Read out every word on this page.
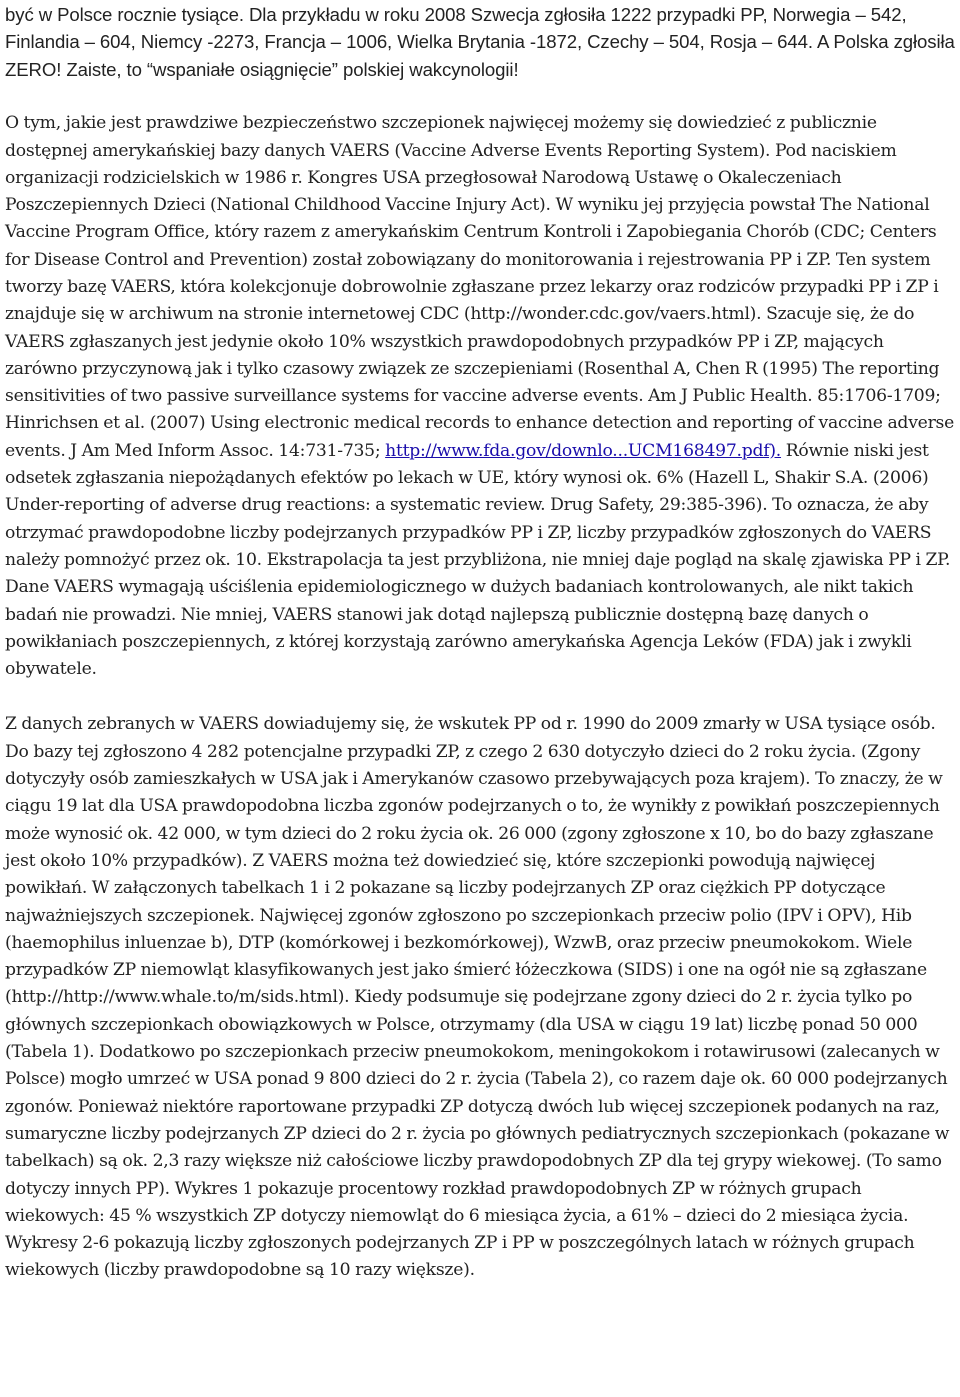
być w Polsce rocznie tysiące. Dla przykładu w roku 2008 Szwecja zgłosiła 1222 przypadki PP, Norwegia – 542, Finlandia – 604, Niemcy -2273, Francja – 1006, Wielka Brytania -1872, Czechy – 504, Rosja – 644. A Polska zgłosiła ZERO! Zaiste, to “wspaniałe osiągnięcie” polskiej wakcynologii!

O tym, jakie jest prawdziwe bezpieczeństwo szczepionek najwięcej możemy się dowiedzieć z publicznie dostępnej amerykańskiej bazy danych VAERS (Vaccine Adverse Events Reporting System). Pod naciskiem organizacji rodzicielskich w 1986 r. Kongres USA przegłosował Narodową Ustawę o Okaleczeniach Poszczepiennych Dzieci (National Childhood Vaccine Injury Act). W wyniku jej przyjęcia powstał The National Vaccine Program Office, który razem z amerykańskim Centrum Kontroli i Zapobiegania Chorób (CDC; Centers for Disease Control and Prevention) został zobowiązany do monitorowania i rejestrowania PP i ZP. Ten system tworzy bazę VAERS, która kolekcjonuje dobrowolnie zgłaszane przez lekarzy oraz rodziców przypadki PP i ZP i znajduje się w archiwum na stronie internetowej CDC (http://wonder.cdc.gov/vaers.html). Szacuje się, że do VAERS zgłaszanych jest jedynie około 10% wszystkich prawdopodobnych przypadków PP i ZP, mających zarówno przyczynową jak i tylko czasowy związek ze szczepieniami (Rosenthal A, Chen R (1995) The reporting sensitivities of two passive surveillance systems for vaccine adverse events. Am J Public Health. 85:1706-1709; Hinrichsen et al. (2007) Using electronic medical records to enhance detection and reporting of vaccine adverse events. J Am Med Inform Assoc. 14:731-735; http://www.fda.gov/downlo...UCM168497.pdf). Równie niski jest odsetek zgłaszania niepożądanych efektów po lekach w UE, który wynosi ok. 6% (Hazell L, Shakir S.A. (2006) Under-reporting of adverse drug reactions: a systematic review. Drug Safety, 29:385-396). To oznacza, że aby otrzymać prawdopodobne liczby podejrzanych przypadków PP i ZP, liczby przypadków zgłoszonych do VAERS należy pomnożyć przez ok. 10. Ekstrapolacja ta jest przybliżona, nie mniej daje pogląd na skalę zjawiska PP i ZP. Dane VAERS wymagają uściślenia epidemiologicznego w dużych badaniach kontrolowanych, ale nikt takich badań nie prowadzi. Nie mniej, VAERS stanowi jak dotąd najlepszą publicznie dostępną bazę danych o powikłaniach poszczepiennych, z której korzystają zarówno amerykańska Agencja Leków (FDA) jak i zwykli obywatele.

Z danych zebranych w VAERS dowiadujemy się, że wskutek PP od r. 1990 do 2009 zmarły w USA tysiące osób. Do bazy tej zgłoszono 4 282 potencjalne przypadki ZP, z czego 2 630 dotyczyło dzieci do 2 roku życia. (Zgony dotyczyły osób zamieszkałych w USA jak i Amerykanów czasowo przebywających poza krajem). To znaczy, że w ciągu 19 lat dla USA prawdopodobna liczba zgonów podejrzanych o to, że wynikły z powikłań poszczepiennych może wynosić ok. 42 000, w tym dzieci do 2 roku życia ok. 26 000 (zgony zgłoszone x 10, bo do bazy zgłaszane jest około 10% przypadków). Z VAERS można też dowiedzieć się, które szczepionki powodują najwięcej powikłań. W załączonych tabelkach 1 i 2 pokazane są liczby podejrzanych ZP oraz ciężkich PP dotyczące najważniejszych szczepionek. Najwięcej zgonów zgłoszono po szczepionkach przeciw polio (IPV i OPV), Hib (haemophilus inluenzae b), DTP (komórkowej i bezkomórkowej), WzwB, oraz przeciw pneumokokom. Wiele przypadków ZP niemowląt klasyfikowanych jest jako śmierć łóżeczkowa (SIDS) i one na ogół nie są zgłaszane (http://http://www.whale.to/m/sids.html). Kiedy podsumuje się podejrzane zgony dzieci do 2 r. życia tylko po głównych szczepionkach obowiązkowych w Polsce, otrzymamy (dla USA w ciągu 19 lat) liczbę ponad 50 000 (Tabela 1). Dodatkowo po szczepionkach przeciw pneumokokom, meningokokom i rotawirusowi (zalecanych w Polsce) mogło umrzeć w USA ponad 9 800 dzieci do 2 r. życia (Tabela 2), co razem daje ok. 60 000 podejrzanych zgonów. Ponieważ niektóre raportowane przypadki ZP dotyczą dwóch lub więcej szczepionek podanych na raz, sumaryczne liczby podejrzanych ZP dzieci do 2 r. życia po głównych pediatrycznych szczepionkach (pokazane w tabelkach) są ok. 2,3 razy większe niż całościowe liczby prawdopodobnych ZP dla tej grypy wiekowej. (To samo dotyczy innych PP). Wykres 1 pokazuje procentowy rozkład prawdopodobnych ZP w różnych grupach wiekowych: 45 % wszystkich ZP dotyczy niemowląt do 6 miesiąca życia, a 61% – dzieci do 2 miesiąca życia. Wykresy 2-6 pokazują liczby zgłoszonych podejrzanych ZP i PP w poszczególnych latach w różnych grupach wiekowych (liczby prawdopodobne są 10 razy większe).
